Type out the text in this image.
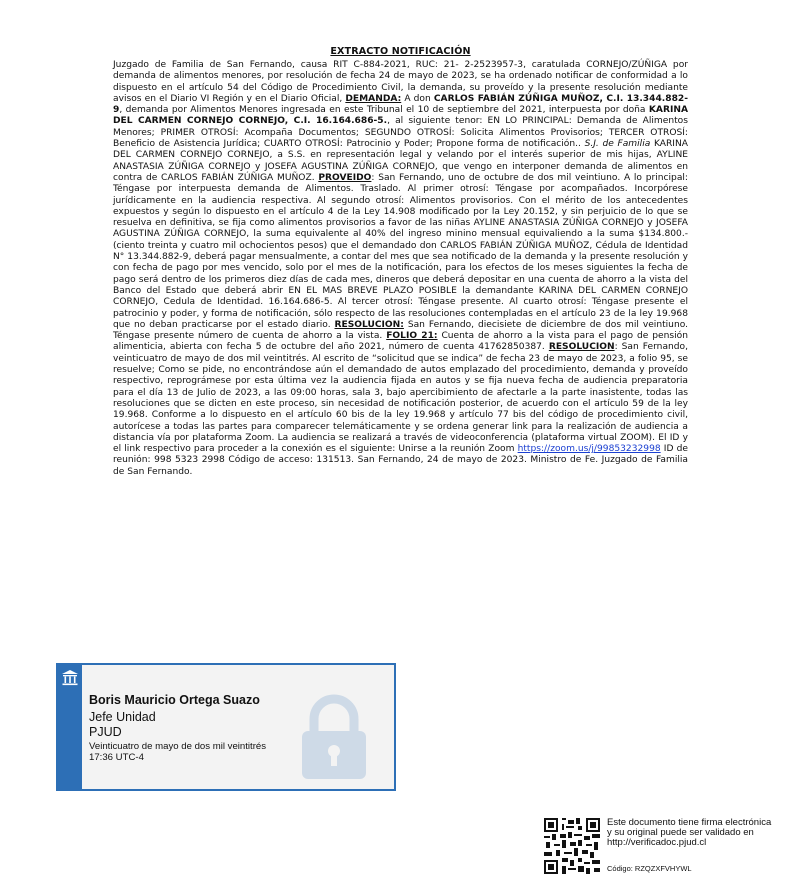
EXTRACTO NOTIFICACIÓN

Juzgado de Familia de San Fernando, causa RIT C-884-2021, RUC: 21- 2-2523957-3, caratulada CORNEJO/ZÚÑIGA por demanda de alimentos menores, por resolución de fecha 24 de mayo de 2023, se ha ordenado notificar de conformidad a lo dispuesto en el artículo 54 del Código de Procedimiento Civil, la demanda, su proveído y la presente resolución mediante avisos en el Diario VI Región y en el Diario Oficial, DEMANDA: A don CARLOS FABIÁN ZÚÑIGA MUÑOZ, C.I. 13.344.882-9, demanda por Alimentos Menores ingresada en este Tribunal el 10 de septiembre del 2021, interpuesta por doña KARINA DEL CARMEN CORNEJO CORNEJO, C.I. 16.164.686-5., al siguiente tenor: EN LO PRINCIPAL: Demanda de Alimentos Menores; PRIMER OTROSÍ: Acompaña Documentos; SEGUNDO OTROSÍ: Solicita Alimentos Provisorios; TERCER OTROSÍ: Beneficio de Asistencia Jurídica; CUARTO OTROSÍ: Patrocinio y Poder; Propone forma de notificación.. S.J. de Familia KARINA DEL CARMEN CORNEJO CORNEJO, a S.S. en representación legal y velando por el interés superior de mis hijas, AYLINE ANASTASIA ZÚÑIGA CORNEJO y JOSEFA AGUSTINA ZÚÑIGA CORNEJO, que vengo en interponer demanda de alimentos en contra de CARLOS FABIÁN ZÚÑIGA MUÑOZ. PROVEIDO: San Fernando, uno de octubre de dos mil veintiuno. A lo principal: Téngase por interpuesta demanda de Alimentos. Traslado. Al primer otrosí: Téngase por acompañados. Incorpórese jurídicamente en la audiencia respectiva. Al segundo otrosí: Alimentos provisorios. Con el mérito de los antecedentes expuestos y según lo dispuesto en el artículo 4 de la Ley 14.908 modificado por la Ley 20.152, y sin perjuicio de lo que se resuelva en definitiva, se fija como alimentos provisorios a favor de las niñas AYLINE ANASTASIA ZÚÑIGA CORNEJO y JOSEFA AGUSTINA ZÚÑIGA CORNEJO, la suma equivalente al 40% del ingreso minino mensual equivaliendo a la suma $134.800.- (ciento treinta y cuatro mil ochocientos pesos) que el demandado don CARLOS FABIÁN ZÚÑIGA MUÑOZ, Cédula de Identidad N° 13.344.882-9, deberá pagar mensualmente, a contar del mes que sea notificado de la demanda y la presente resolución y con fecha de pago por mes vencido, solo por el mes de la notificación, para los efectos de los meses siguientes la fecha de pago será dentro de los primeros diez días de cada mes, dineros que deberá depositar en una cuenta de ahorro a la vista del Banco del Estado que deberá abrir EN EL MAS BREVE PLAZO POSIBLE la demandante KARINA DEL CARMEN CORNEJO CORNEJO, Cedula de Identidad. 16.164.686-5. Al tercer otrosí: Téngase presente. Al cuarto otrosí: Téngase presente el patrocinio y poder, y forma de notificación, sólo respecto de las resoluciones contempladas en el artículo 23 de la ley 19.968 que no deban practicarse por el estado diario. RESOLUCION: San Fernando, diecisiete de diciembre de dos mil veintiuno. Téngase presente número de cuenta de ahorro a la vista. FOLIO 21: Cuenta de ahorro a la vista para el pago de pensión alimenticia, abierta con fecha 5 de octubre del año 2021, número de cuenta 41762850387. RESOLUCION: San Fernando, veinticuatro de mayo de dos mil veintitrés. Al escrito de “solicitud que se indica” de fecha 23 de mayo de 2023, a folio 95, se resuelve; Como se pide, no encontrándose aún el demandado de autos emplazado del procedimiento, demanda y proveído respectivo, reprográmese por esta última vez la audiencia fijada en autos y se fija nueva fecha de audiencia preparatoria para el día 13 de Julio de 2023, a las 09:00 horas, sala 3, bajo apercibimiento de afectarle a la parte inasistente, todas las resoluciones que se dicten en este proceso, sin necesidad de notificación posterior, de acuerdo con el artículo 59 de la ley 19.968. Conforme a lo dispuesto en el artículo 60 bis de la ley 19.968 y artículo 77 bis del código de procedimiento civil, autorícese a todas las partes para comparecer telemáticamente y se ordena generar link para la realización de audiencia a distancia vía por plataforma Zoom. La audiencia se realizará a través de videoconferencia (plataforma virtual ZOOM). El ID y el link respectivo para proceder a la conexión es el siguiente: Unirse a la reunión Zoom https://zoom.us/j/99853232998 ID de reunión: 998 5323 2998 Código de acceso: 131513. San Fernando, 24 de mayo de 2023. Ministro de Fe. Juzgado de Familia de San Fernando.

Boris Mauricio Ortega Suazo
Jefe Unidad
PJUD
Veinticuatro de mayo de dos mil veintitrés
17:36 UTC-4
Este documento tiene firma electrónica
y su original puede ser validado en
http://verificadoc.pjud.cl
Código: RZQZXFVHYWL
